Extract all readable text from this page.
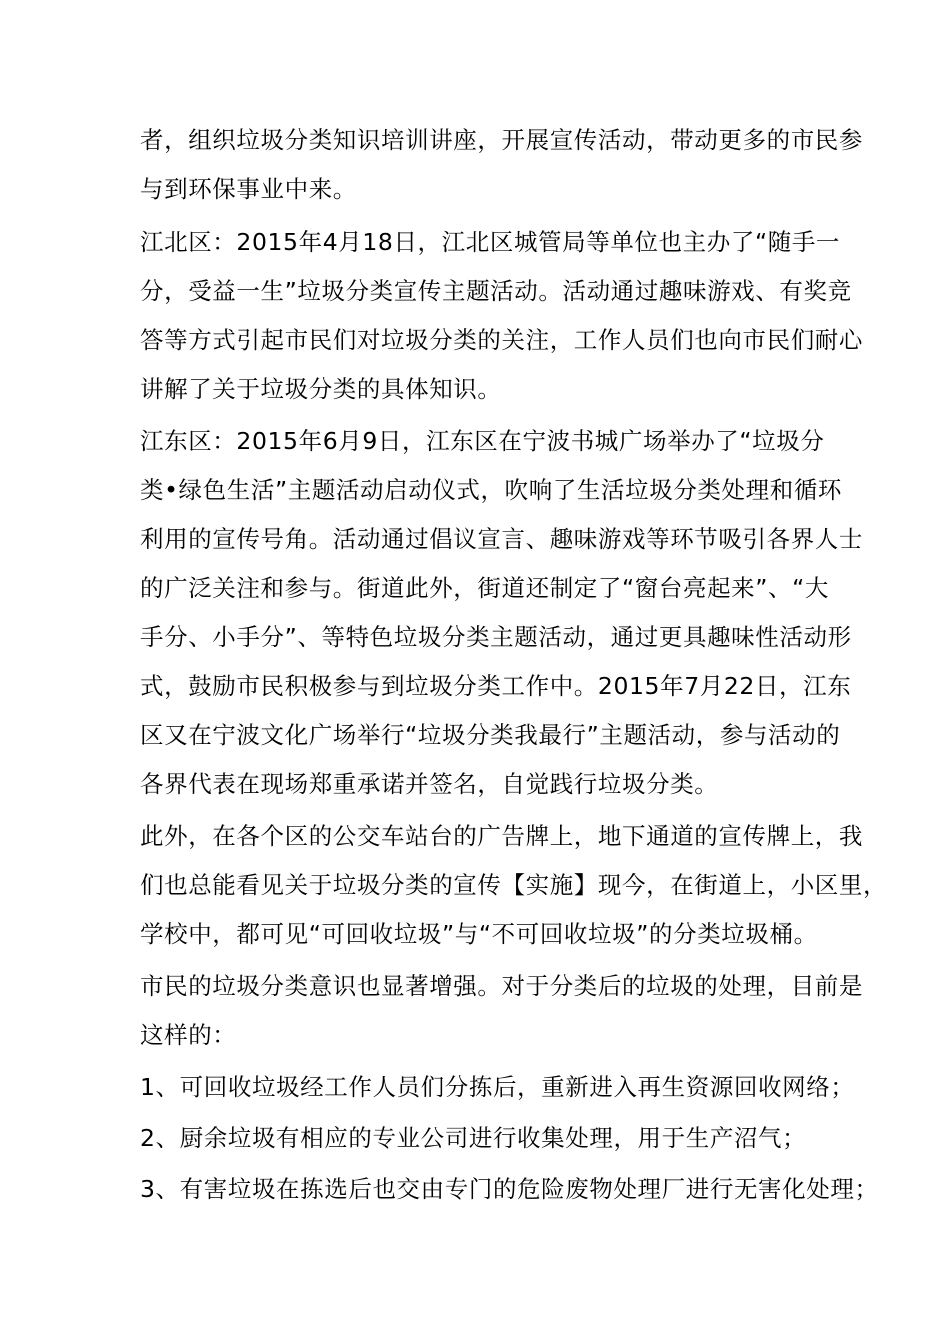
者，组织垃圾分类知识培训讲座，开展宣传活动，带动更多的市民参
与到环保事业中来。
江北区：2015年4月18日，江北区城管局等单位也主办了“随手一
分，受益一生”垃圾分类宣传主题活动。活动通过趣味游戏、有奖竞
答等方式引起市民们对垃圾分类的关注，工作人员们也向市民们耐心
讲解了关于垃圾分类的具体知识。
江东区：2015年6月9日，江东区在宁波书城广场举办了“垃圾分
类•绿色生活”主题活动启动仪式，吹响了生活垃圾分类处理和循环
利用的宣传号角。活动通过倡议宣言、趣味游戏等环节吸引各界人士
的广泛关注和参与。街道此外，街道还制定了“窗台亮起来”、“大
手分、小手分”、等特色垃圾分类主题活动，通过更具趣味性活动形
式，鼓励市民积极参与到垃圾分类工作中。2015年7月22日，江东
区又在宁波文化广场举行“垃圾分类我最行”主题活动，参与活动的
各界代表在现场郑重承诺并签名，自觉践行垃圾分类。
此外，在各个区的公交车站台的广告牌上，地下通道的宣传牌上，我
们也总能看见关于垃圾分类的宣传【实施】现今，在街道上，小区里，
学校中，都可见“可回收垃圾”与“不可回收垃圾”的分类垃圾桶。
市民的垃圾分类意识也显著增强。对于分类后的垃圾的处理，目前是
这样的：
1、可回收垃圾经工作人员们分拣后，重新进入再生资源回收网络；
2、厨余垃圾有相应的专业公司进行收集处理，用于生产沼气；
3、有害垃圾在拣选后也交由专门的危险废物处理厂进行无害化处理；
